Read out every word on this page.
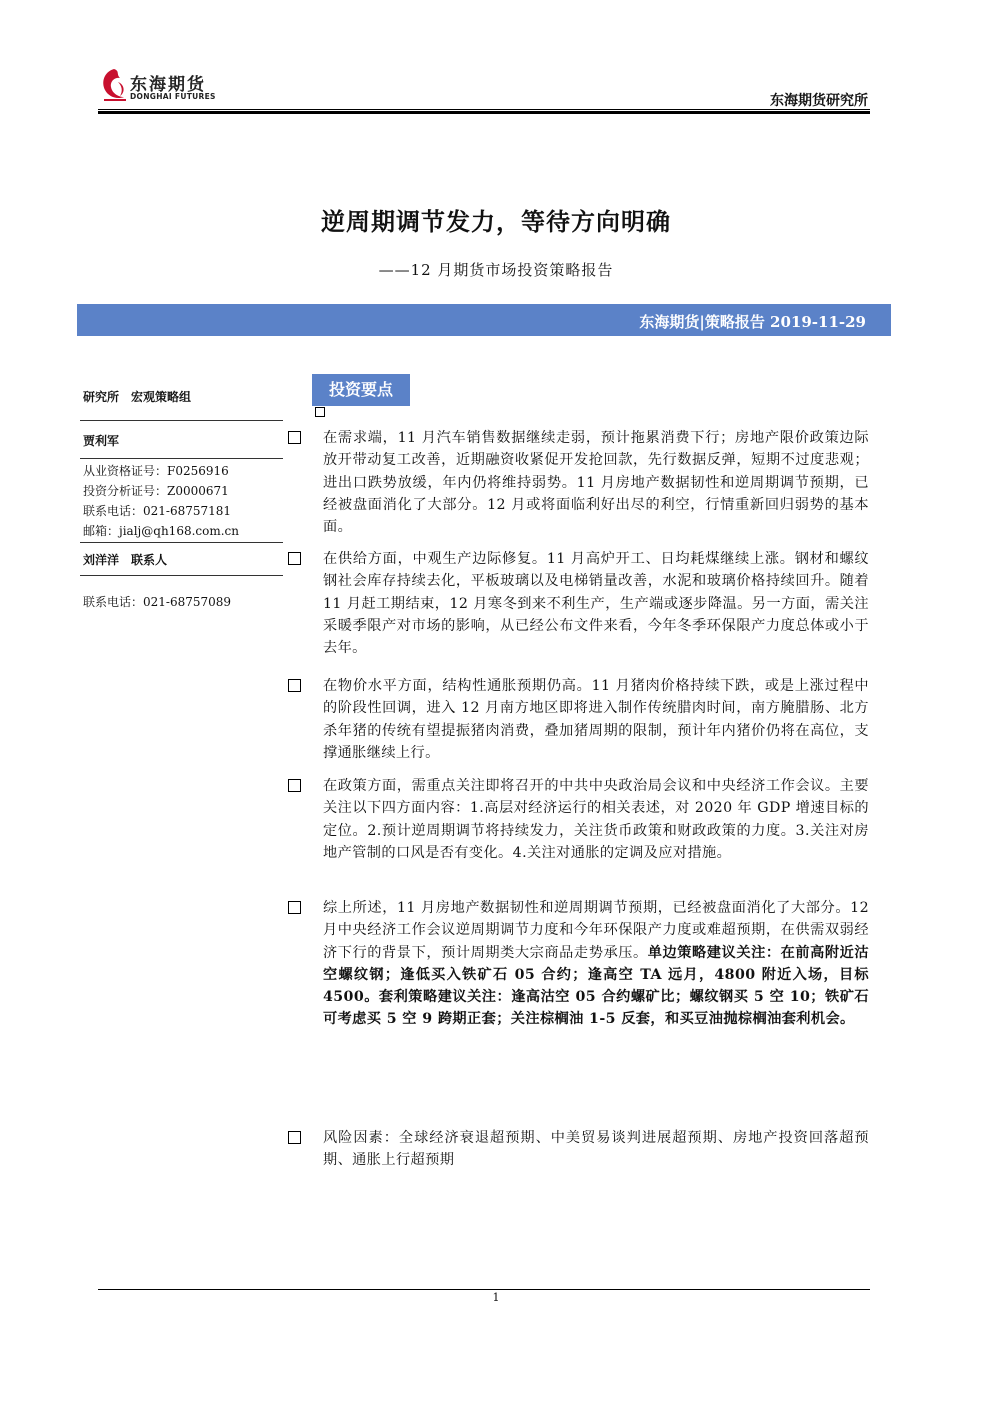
东海期货
DONGHAI FUTURES	东海期货研究所
逆周期调节发力，等待方向明确
——12 月期货市场投资策略报告
东海期货|策略报告 2019-11-29
研究所　宏观策略组
贾利军
从业资格证号：F0256916
投资分析证号：Z0000671
联系电话：021-68757181
邮箱：jialj@qh168.com.cn
刘洋洋　联系人
联系电话：021-68757089
投资要点
在需求端，11 月汽车销售数据继续走弱，预计拖累消费下行；房地产限价政策边际放开带动复工改善，近期融资收紧促开发抢回款，先行数据反弹，短期不过度悲观；进出口跌势放缓，年内仍将维持弱势。11 月房地产数据韧性和逆周期调节预期，已经被盘面消化了大部分。12 月或将面临利好出尽的利空，行情重新回归弱势的基本面。
在供给方面，中观生产边际修复。11 月高炉开工、日均耗煤继续上涨。钢材和螺纹钢社会库存持续去化，平板玻璃以及电梯销量改善，水泥和玻璃价格持续回升。随着 11 月赶工期结束，12 月寒冬到来不利生产，生产端或逐步降温。另一方面，需关注采暖季限产对市场的影响，从已经公布文件来看，今年冬季环保限产力度总体或小于去年。
在物价水平方面，结构性通胀预期仍高。11 月猪肉价格持续下跌，或是上涨过程中的阶段性回调，进入 12 月南方地区即将进入制作传统腊肉时间，南方腌腊肠、北方杀年猪的传统有望提振猪肉消费，叠加猪周期的限制，预计年内猪价仍将在高位，支撑通胀继续上行。
在政策方面，需重点关注即将召开的中共中央政治局会议和中央经济工作会议。主要关注以下四方面内容：1.高层对经济运行的相关表述，对 2020 年 GDP 增速目标的定位。2.预计逆周期调节将持续发力，关注货币政策和财政政策的力度。3.关注对房地产管制的口风是否有变化。4.关注对通胀的定调及应对措施。
综上所述，11 月房地产数据韧性和逆周期调节预期，已经被盘面消化了大部分。12 月中央经济工作会议逆周期调节力度和今年环保限产力度或难超预期，在供需双弱经济下行的背景下，预计周期类大宗商品走势承压。单边策略建议关注：在前高附近沽空螺纹钢；逢低买入铁矿石 05 合约；逢高空 TA 远月，4800 附近入场，目标 4500。套利策略建议关注：逢高沽空 05 合约螺矿比；螺纹钢买 5 空 10；铁矿石可考虑买 5 空 9 跨期正套；关注棕榈油 1-5 反套，和买豆油抛棕榈油套利机会。
风险因素：全球经济衰退超预期、中美贸易谈判进展超预期、房地产投资回落超预期、通胀上行超预期
1
